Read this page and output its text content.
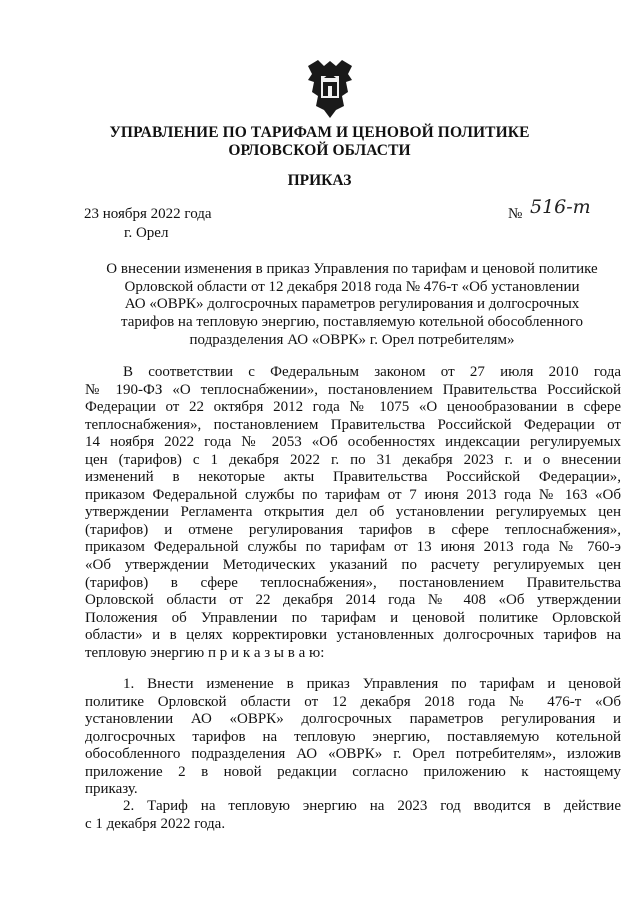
УПРАВЛЕНИЕ ПО ТАРИФАМ И ЦЕНОВОЙ ПОЛИТИКЕ
ОРЛОВСКОЙ ОБЛАСТИ
ПРИКАЗ
23 ноября 2022 года
г. Орел
№ 516-т
О внесении изменения в приказ Управления по тарифам и ценовой политике
Орловской области от 12 декабря 2018 года № 476-т «Об установлении
АО «ОВРК» долгосрочных параметров регулирования и долгосрочных
тарифов на тепловую энергию, поставляемую котельной обособленного
подразделения АО «ОВРК» г. Орел потребителям»
В соответствии с Федеральным законом от 27 июля 2010 года
№ 190-ФЗ «О теплоснабжении», постановлением Правительства Российской
Федерации от 22 октября 2012 года № 1075 «О ценообразовании в сфере
теплоснабжения», постановлением Правительства Российской Федерации от
14 ноября 2022 года № 2053 «Об особенностях индексации регулируемых
цен (тарифов) с 1 декабря 2022 г. по 31 декабря 2023 г. и о внесении
изменений в некоторые акты Правительства Российской Федерации»,
приказом Федеральной службы по тарифам от 7 июня 2013 года № 163 «Об
утверждении Регламента открытия дел об установлении регулируемых цен
(тарифов) и отмене регулирования тарифов в сфере теплоснабжения»,
приказом Федеральной службы по тарифам от 13 июня 2013 года № 760-э
«Об утверждении Методических указаний по расчету регулируемых цен
(тарифов) в сфере теплоснабжения», постановлением Правительства
Орловской области от 22 декабря 2014 года № 408 «Об утверждении
Положения об Управлении по тарифам и ценовой политике Орловской
области» и в целях корректировки установленных долгосрочных тарифов на
тепловую энергию п р и к а з ы в а ю:
1. Внести изменение в приказ Управления по тарифам и ценовой
политике Орловской области от 12 декабря 2018 года № 476-т «Об
установлении АО «ОВРК» долгосрочных параметров регулирования и
долгосрочных тарифов на тепловую энергию, поставляемую котельной
обособленного подразделения АО «ОВРК» г. Орел потребителям», изложив
приложение 2 в новой редакции согласно приложению к настоящему
приказу.
2. Тариф на тепловую энергию на 2023 год вводится в действие
с 1 декабря 2022 года.
